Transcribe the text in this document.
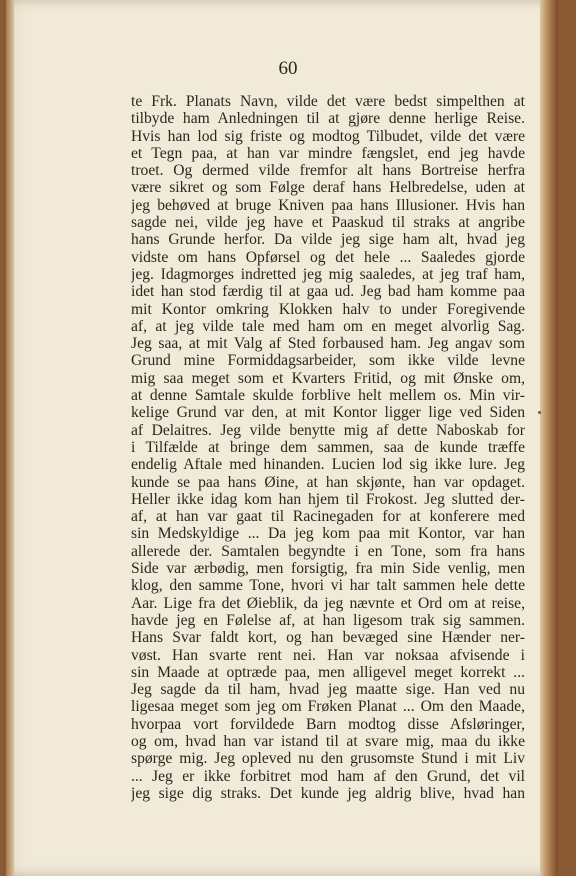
60
te Frk. Planats Navn, vilde det være bedst simpelthen at
tilbyde ham Anledningen til at gjøre denne herlige Reise.
Hvis han lod sig friste og modtog Tilbudet, vilde det være
et Tegn paa, at han var mindre fængslet, end jeg havde
troet. Og dermed vilde fremfor alt hans Bortreise herfra
være sikret og som Følge deraf hans Helbredelse, uden at
jeg behøved at bruge Kniven paa hans Illusioner. Hvis han
sagde nei, vilde jeg have et Paaskud til straks at angribe
hans Grunde herfor. Da vilde jeg sige ham alt, hvad jeg
vidste om hans Opførsel og det hele ... Saaledes gjorde
jeg. Idagmorges indretted jeg mig saaledes, at jeg traf ham,
idet han stod færdig til at gaa ud. Jeg bad ham komme paa
mit Kontor omkring Klokken halv to under Foregivende
af, at jeg vilde tale med ham om en meget alvorlig Sag.
Jeg saa, at mit Valg af Sted forbaused ham. Jeg angav som
Grund mine Formiddagsarbeider, som ikke vilde levne
mig saa meget som et Kvarters Fritid, og mit Ønske om,
at denne Samtale skulde forblive helt mellem os. Min vir-
kelige Grund var den, at mit Kontor ligger lige ved Siden
af Delaitres. Jeg vilde benytte mig af dette Naboskab for
i Tilfælde at bringe dem sammen, saa de kunde træffe
endelig Aftale med hinanden. Lucien lod sig ikke lure. Jeg
kunde se paa hans Øine, at han skjønte, han var opdaget.
Heller ikke idag kom han hjem til Frokost. Jeg slutted der-
af, at han var gaat til Racinegaden for at konferere med
sin Medskyldige ... Da jeg kom paa mit Kontor, var han
allerede der. Samtalen begyndte i en Tone, som fra hans
Side var ærbødig, men forsigtig, fra min Side venlig, men
klog, den samme Tone, hvori vi har talt sammen hele dette
Aar. Lige fra det Øieblik, da jeg nævnte et Ord om at reise,
havde jeg en Følelse af, at han ligesom trak sig sammen.
Hans Svar faldt kort, og han bevæged sine Hænder ner-
vøst. Han svarte rent nei. Han var noksaa afvisende i
sin Maade at optræde paa, men alligevel meget korrekt ...
Jeg sagde da til ham, hvad jeg maatte sige. Han ved nu
ligesaa meget som jeg om Frøken Planat ... Om den Maade,
hvorpaa vort forvildede Barn modtog disse Afsløringer,
og om, hvad han var istand til at svare mig, maa du ikke
spørge mig. Jeg opleved nu den grusomste Stund i mit Liv
... Jeg er ikke forbitret mod ham af den Grund, det vil
jeg sige dig straks. Det kunde jeg aldrig blive, hvad han
